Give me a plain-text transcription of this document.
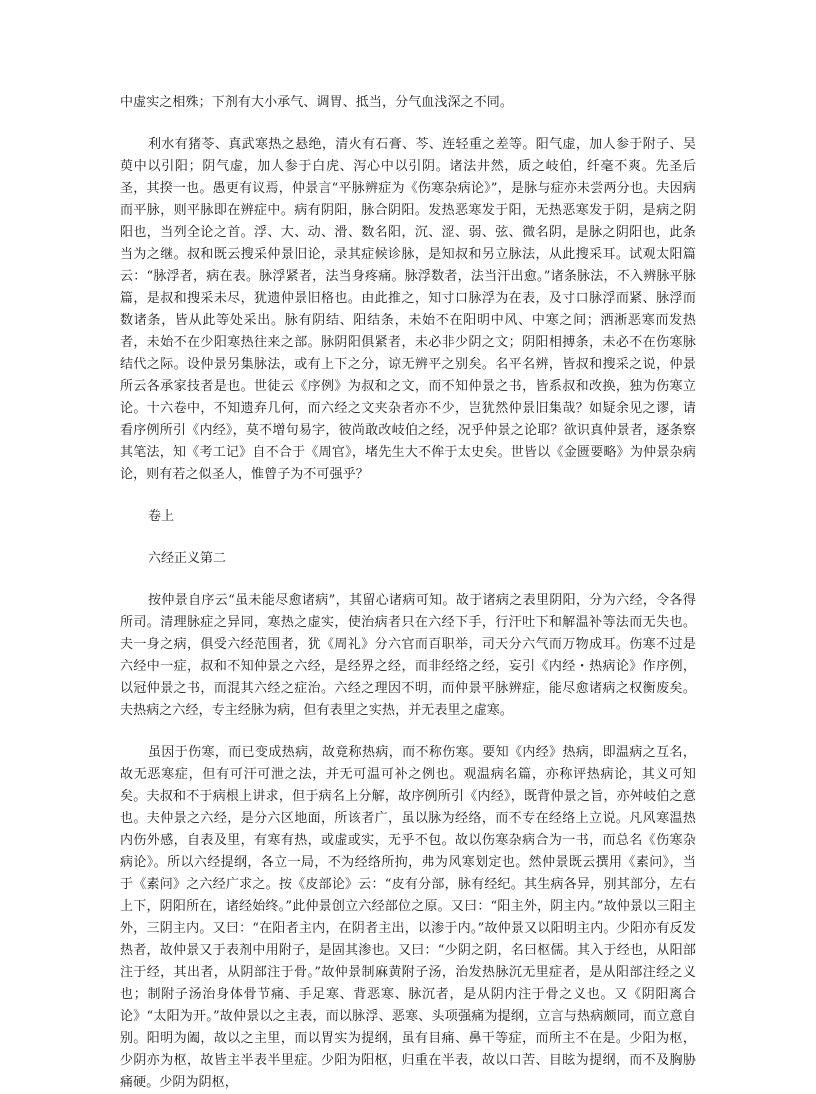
中虚实之相殊；下剂有大小承气、调胃、抵当，分气血浅深之不同。

利水有猪苓、真武寒热之悬绝，清火有石膏、芩、连轻重之差等。阳气虚，加人参于附子、吴萸中以引阳；阴气虚，加人参于白虎、泻心中以引阴。诸法井然，质之岐伯，纤毫不爽。先圣后圣，其揆一也。愚更有议焉，仲景言“平脉辨症为《伤寒杂病论》”，是脉与症亦未尝两分也。夫因病而平脉，则平脉即在辨症中。病有阴阳，脉合阴阳。发热恶寒发于阳，无热恶寒发于阴，是病之阴阳也，当列全论之首。浮、大、动、滑、数名阳，沉、涩、弱、弦、微名阴，是脉之阴阳也，此条当为之继。叔和既云搜采仲景旧论，录其症候诊脉，是知叔和另立脉法，从此搜采耳。试观太阳篇云：“脉浮者，病在表。脉浮紧者，法当身疼痛。脉浮数者，法当汗出愈。”诸条脉法，不入辨脉平脉篇，是叔和搜采未尽，犹遗仲景旧格也。由此推之，知寸口脉浮为在表，及寸口脉浮而紧、脉浮而数诸条，皆从此等处采出。脉有阴结、阳结条，未始不在阳明中风、中寒之间；洒淅恶寒而发热者，未始不在少阳寒热往来之部。脉阴阳俱紧者，未必非少阴之文；阴阳相搏条，未必不在伤寒脉结代之际。设仲景另集脉法，或有上下之分，谅无辨平之别矣。名平名辨，皆叔和搜采之说，仲景所云各承家技者是也。世徒云《序例》为叔和之文，而不知仲景之书，皆系叔和改换，独为伤寒立论。十六卷中，不知遗弃几何，而六经之文夹杂者亦不少，岂犹然仲景旧集哉？如疑余见之谬，请看序例所引《内经》，莫不增句易字，彼尚敢改岐伯之经，况乎仲景之论耶？欲识真仲景者，逐条察其笔法，知《考工记》自不合于《周官》，堵先生大不侔于太史矣。世皆以《金匮要略》为仲景杂病论，则有若之似圣人，惟曾子为不可强乎？

卷上

六经正义第二

按仲景自序云“虽未能尽愈诸病”，其留心诸病可知。故于诸病之表里阴阳，分为六经，令各得所司。清理脉症之异同，寒热之虚实，使治病者只在六经下手，行汗吐下和解温补等法而无失也。夫一身之病，俱受六经范围者，犹《周礼》分六官而百职举，司天分六气而万物成耳。伤寒不过是六经中一症，叔和不知仲景之六经，是经界之经，而非经络之经，妄引《内经・热病论》作序例，以冠仲景之书，而混其六经之症治。六经之理因不明，而仲景平脉辨症，能尽愈诸病之权衡废矣。夫热病之六经，专主经脉为病，但有表里之实热，并无表里之虚寒。

虽因于伤寒，而已变成热病，故竟称热病，而不称伤寒。要知《内经》热病，即温病之互名，故无恶寒症，但有可汗可泄之法，并无可温可补之例也。观温病名篇，亦称评热病论，其义可知矣。夫叔和不于病根上讲求，但于病名上分解，故序例所引《内经》，既背仲景之旨，亦舛岐伯之意也。夫仲景之六经，是分六区地面，所该者广，虽以脉为经络，而不专在经络上立说。凡风寒温热内伤外感，自表及里，有寒有热，或虚或实，无乎不包。故以伤寒杂病合为一书，而总名《伤寒杂病论》。所以六经提纲，各立一局，不为经络所拘，弗为风寒划定也。然仲景既云撰用《素问》，当于《素问》之六经广求之。按《皮部论》云：“皮有分部，脉有经纪。其生病各异，别其部分，左右上下，阴阳所在，诸经始终。”此仲景创立六经部位之原。又曰：“阳主外，阴主内。”故仲景以三阳主外，三阴主内。又曰：“在阳者主内，在阴者主出，以渗于内。”故仲景又以阳明主内。少阳亦有反发热者，故仲景又于表剂中用附子，是固其渗也。又曰：“少阴之阴，名曰枢儒。其入于经也，从阳部注于经，其出者，从阴部注于骨。”故仲景制麻黄附子汤，治发热脉沉无里症者，是从阳部注经之义也；制附子汤治身体骨节痛、手足寒、背恶寒、脉沉者，是从阴内注于骨之义也。又《阴阳离合论》“太阳为开。”故仲景以之主表，而以脉浮、恶寒、头项强痛为提纲，立言与热病颇同，而立意自别。阳明为阖，故以之主里，而以胃实为提纲，虽有目痛、鼻干等症，而所主不在是。少阳为枢，少阴亦为枢，故皆主半表半里症。少阳为阳枢，归重在半表，故以口苦、目眩为提纲，而不及胸胁痛硬。少阴为阴枢，
